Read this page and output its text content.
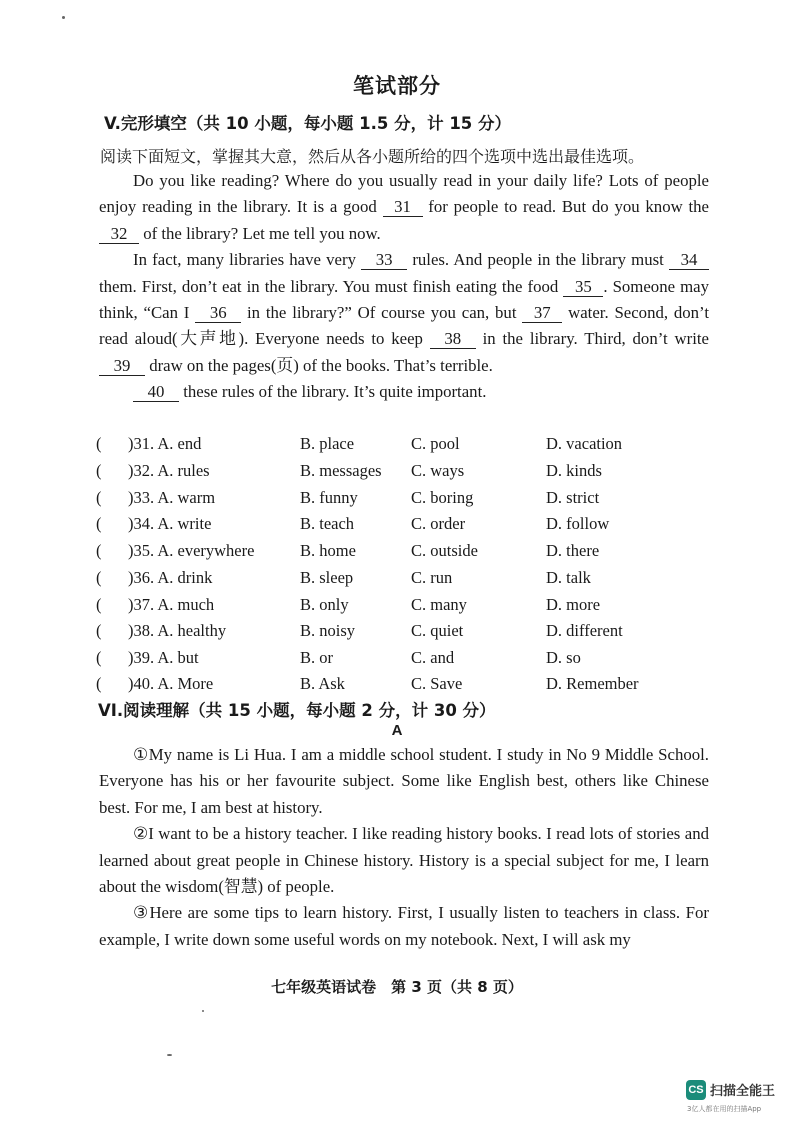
笔试部分
V.完形填空（共 10 小题，每小题 1.5 分，计 15 分）
阅读下面短文，掌握其大意，然后从各小题所给的四个选项中选出最佳选项。

Do you like reading? Where do you usually read in your daily life? Lots of people enjoy reading in the library. It is a good 31 for people to read. But do you know the 32 of the library? Let me tell you now.

In fact, many libraries have very 33 rules. And people in the library must 34 them. First, don’t eat in the library. You must finish eating the food 35 . Someone may think, “Can I 36 in the library?” Of course you can, but 37 water. Second, don’t read aloud(大声地). Everyone needs to keep 38 in the library. Third, don’t write 39 draw on the pages(页) of the books. That’s terrible.

40 these rules of the library. It’s quite important.

( )31. A. end	B. place	C. pool	D. vacation
( )32. A. rules	B. messages C. ways	D. kinds
( )33. A. warm	B. funny	C. boring	D. strict
( )34. A. write	B. teach	C. order	D. follow
( )35. A. everywhere	B. home	C. outside	D. there
( )36. A. drink	B. sleep	C. run	D. talk
( )37. A. much	B. only	C. many	D. more
( )38. A. healthy	B. noisy	C. quiet	D. different
( )39. A. but	B. or	C. and	D. so
( )40. A. More	B. Ask	C. Save	D. Remember
VI.阅读理解（共 15 小题，每小题 2 分，计 30 分）
A

①My name is Li Hua. I am a middle school student. I study in No 9 Middle School. Everyone has his or her favourite subject. Some like English best, others like Chinese best. For me, I am best at history.

②I want to be a history teacher. I like reading history books. I read lots of stories and learned about great people in Chinese history. History is a special subject for me, I learn about the wisdom(智慧) of people.

③Here are some tips to learn history. First, I usually listen to teachers in class. For example, I write down some useful words on my notebook. Next, I will ask my

七年级英语试卷　第 3 页（共 8 页）
CS 扫描全能王
3亿人都在用的扫描App
